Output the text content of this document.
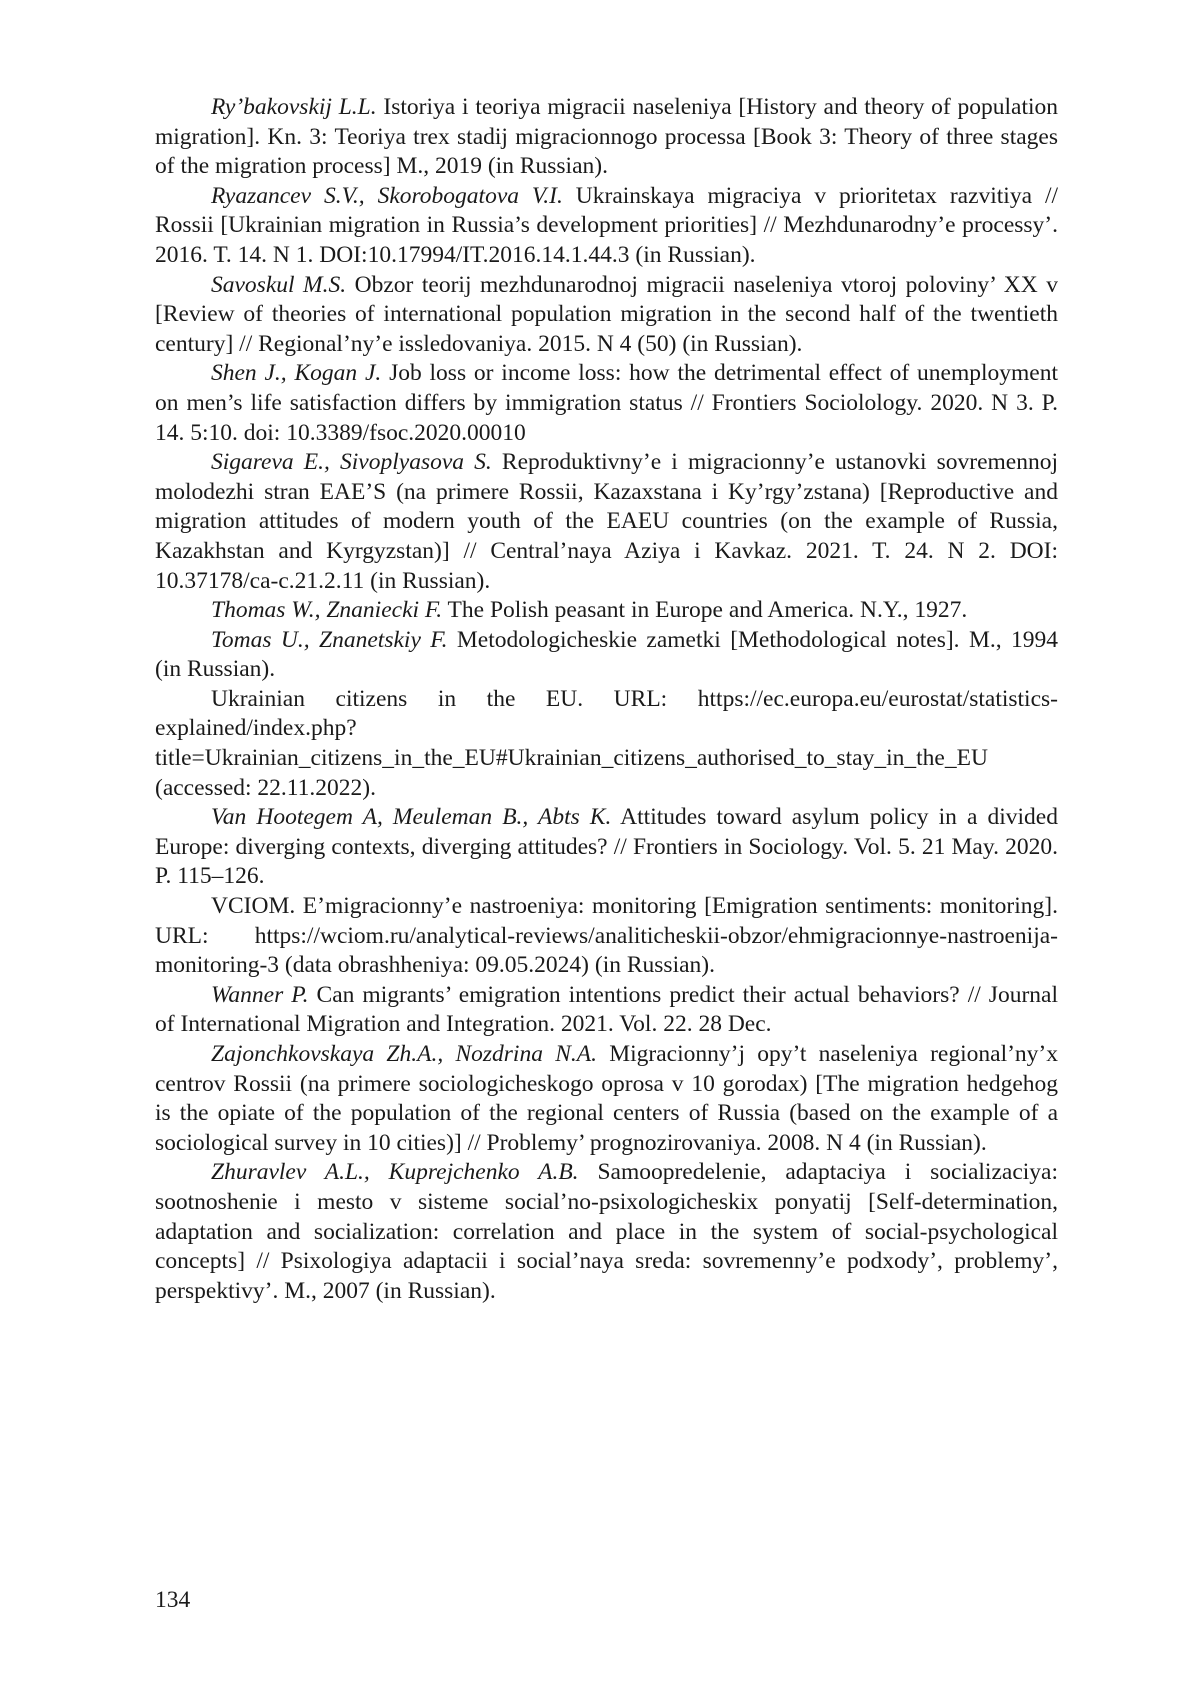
Ry’bakovskij L.L. Istoriya i teoriya migracii naseleniya [History and theory of population migration]. Kn. 3: Teoriya trex stadij migracionnogo processa [Book 3: Theory of three stages of the migration process] M., 2019 (in Russian).

Ryazancev S.V., Skorobogatova V.I. Ukrainskaya migraciya v prioritetax razvitiya // Rossii [Ukrainian migration in Russia’s development priorities] // Mezhdunarodny’e processy’. 2016. T. 14. N 1. DOI:10.17994/IT.2016.14.1.44.3 (in Russian).

Savoskul M.S. Obzor teorij mezhdunarodnoj migracii naseleniya vtoroj poloviny’ XX v [Review of theories of international population migration in the second half of the twentieth century] // Regional’ny’e issledovaniya. 2015. N 4 (50) (in Russian).

Shen J., Kogan J. Job loss or income loss: how the detrimental effect of unemployment on men’s life satisfaction differs by immigration status // Frontiers Sociolology. 2020. N 3. P. 14. 5:10. doi: 10.3389/fsoc.2020.00010

Sigareva E., Sivoplyasova S. Reproduktivny’e i migracionny’e ustanovki sovremennoj molodezhi stran EAE’S (na primere Rossii, Kazaxstana i Ky’rgy’zstana) [Reproductive and migration attitudes of modern youth of the EAEU countries (on the example of Russia, Kazakhstan and Kyrgyzstan)] // Central’naya Aziya i Kavkaz. 2021. T. 24. N 2. DOI: 10.37178/ca-c.21.2.11 (in Russian).

Thomas W., Znaniecki F. The Polish peasant in Europe and America. N.Y., 1927.

Tomas U., Znanetskiy F. Metodologicheskie zametki [Methodological notes]. M., 1994 (in Russian).

Ukrainian citizens in the EU. URL: https://ec.europa.eu/eurostat/statistics-explained/index.php?title=Ukrainian_citizens_in_the_EU#Ukrainian_citizens_authorised_to_stay_in_the_EU (accessed: 22.11.2022).

Van Hootegem A, Meuleman B., Abts K. Attitudes toward asylum policy in a divided Europe: diverging contexts, diverging attitudes? // Frontiers in Sociology. Vol. 5. 21 May. 2020. P. 115–126.

VCIOM. E’migracionny’e nastroeniya: monitoring [Emigration sentiments: monitoring]. URL: https://wciom.ru/analytical-reviews/analiticheskii-obzor/ehmigracionnye-nastroenija-monitoring-3 (data obrashheniya: 09.05.2024) (in Russian).

Wanner P. Can migrants’ emigration intentions predict their actual behaviors? // Journal of International Migration and Integration. 2021. Vol. 22. 28 Dec.

Zajonchkovskaya Zh.A., Nozdrina N.A. Migracionny’j opy’t naseleniya regional’ny’x centrov Rossii (na primere sociologicheskogo oprosa v 10 gorodax) [The migration hedgehog is the opiate of the population of the regional centers of Russia (based on the example of a sociological survey in 10 cities)] // Problemy’ prognozirovaniya. 2008. N 4 (in Russian).

Zhuravlev A.L., Kuprejchenko A.B. Samoopredelenie, adaptaciya i socializaciya: sootnoshenie i mesto v sisteme social’no-psixologicheskix ponyatij [Self-determination, adaptation and socialization: correlation and place in the system of social-psychological concepts] // Psixologiya adaptacii i social’naya sreda: sovremenny’e podxody’, problemy’, perspektivy’. M., 2007 (in Russian).

134
